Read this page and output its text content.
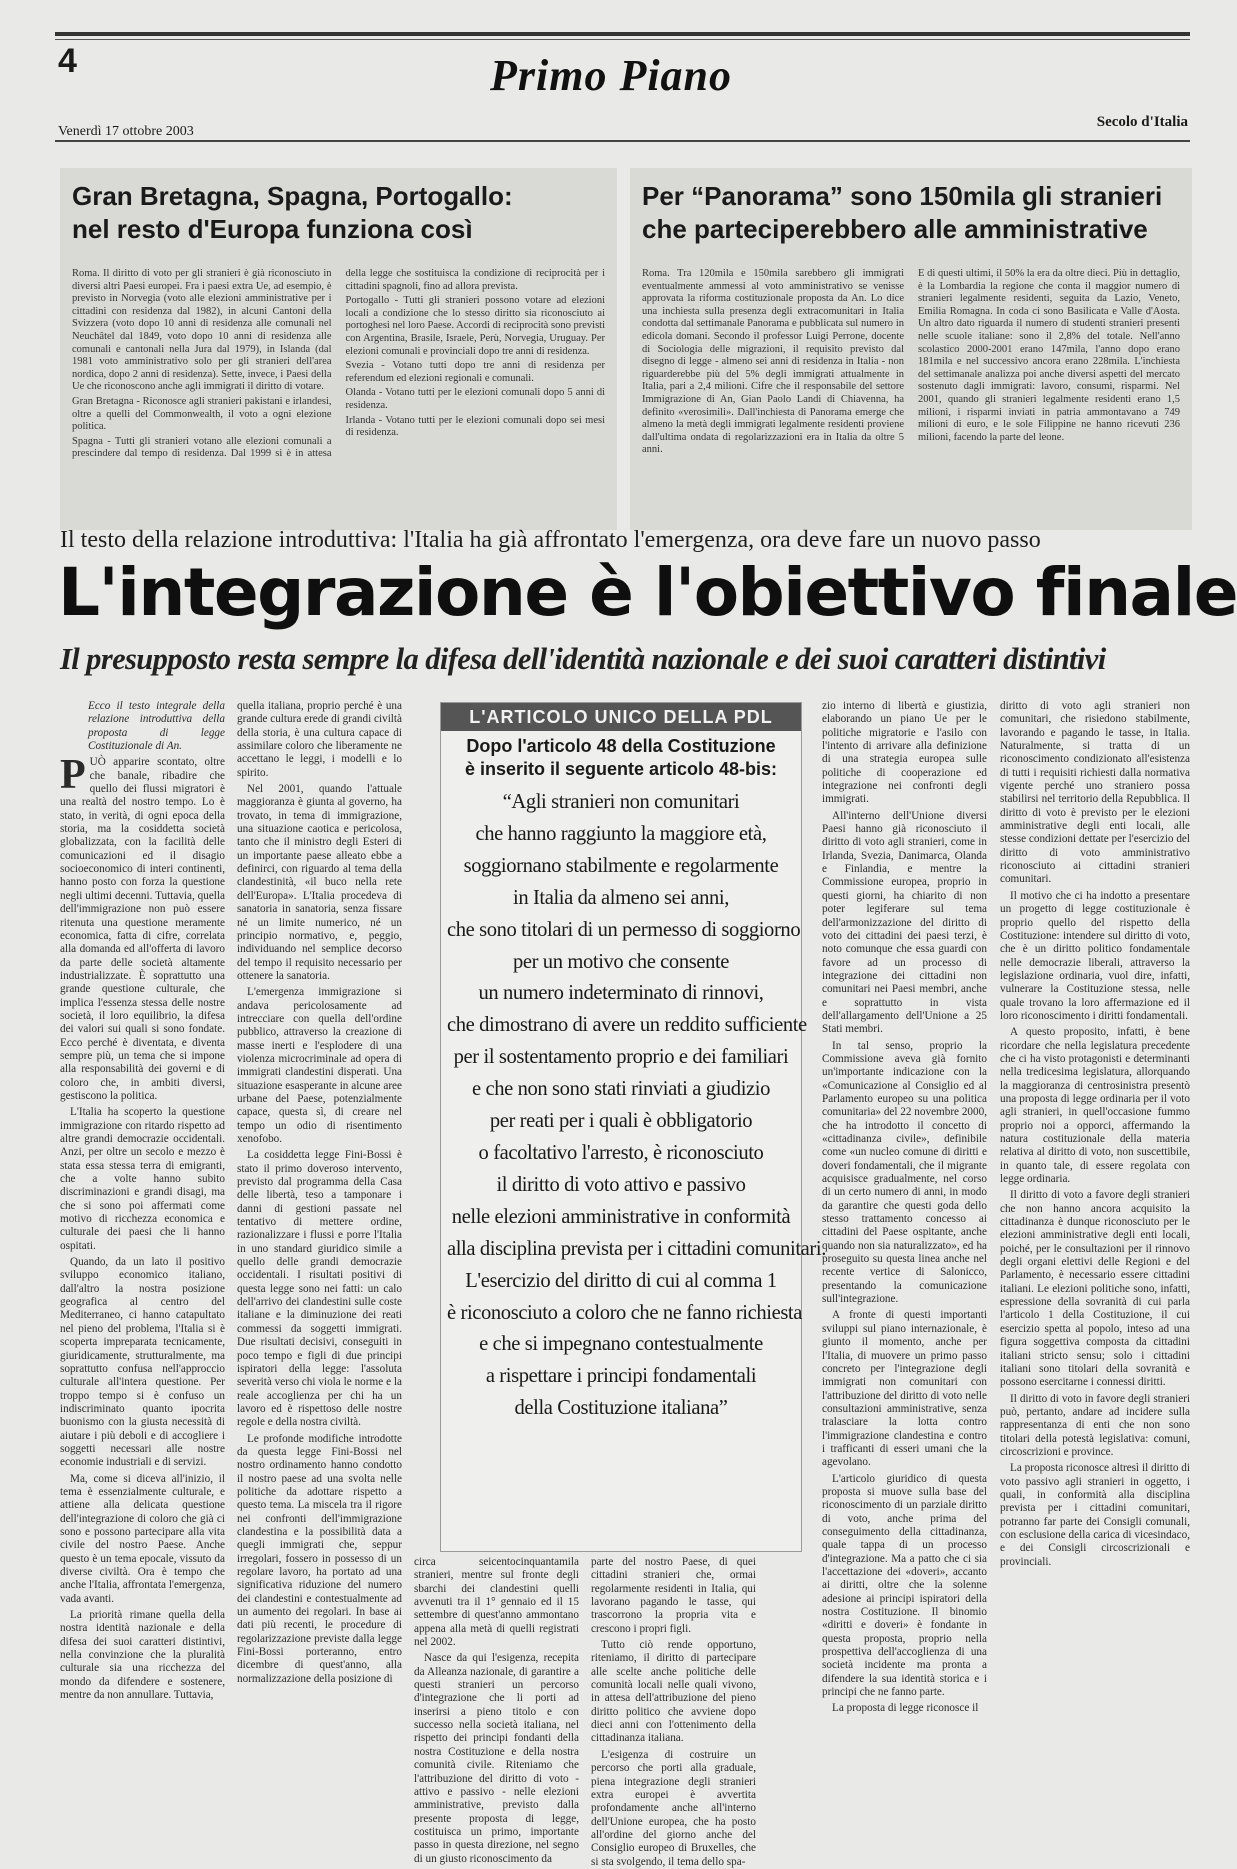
4	Primo Piano
Venerdì 17 ottobre 2003
Secolo d'Italia
Gran Bretagna, Spagna, Portogallo:
nel resto d'Europa funziona così

Roma. Il diritto di voto per gli stranieri è già riconosciuto in diversi altri Paesi europei. Fra i paesi extra Ue, ad esempio, è previsto in Norvegia (voto alle elezioni amministrative per i cittadini con residenza dal 1982), in alcuni Cantoni della Svizzera (voto dopo 10 anni di residenza alle comunali nel Neuchâtel dal 1849, voto dopo 10 anni di residenza alle comunali e cantonali nella Jura dal 1979), in Islanda (dal 1981 voto amministrativo solo per gli stranieri dell'area nordica, dopo 2 anni di residenza). Sette, invece, i Paesi della Ue che riconoscono anche agli immigrati il diritto di votare.

Gran Bretagna - Riconosce agli stranieri pakistani e irlandesi, oltre a quelli del Commonwealth, il voto a ogni elezione politica.

Spagna - Tutti gli stranieri votano alle elezioni comunali a prescindere dal tempo di residenza. Dal 1999 si è in attesa della legge che sostituisca la condizione di reciprocità per i cittadini spagnoli, fino ad allora prevista.

Portogallo - Tutti gli stranieri possono votare ad elezioni locali a condizione che lo stesso diritto sia riconosciuto ai portoghesi nel loro Paese. Accordi di reciprocità sono previsti con Argentina, Brasile, Israele, Perù, Norvegia, Uruguay. Per elezioni comunali e provinciali dopo tre anni di residenza.

Svezia - Votano tutti dopo tre anni di residenza per referendum ed elezioni regionali e comunali.

Olanda - Votano tutti per le elezioni comunali dopo 5 anni di residenza.

Irlanda - Votano tutti per le elezioni comunali dopo sei mesi di residenza.

Per “Panorama” sono 150mila gli stranieri
che parteciperebbero alle amministrative

Roma. Tra 120mila e 150mila sarebbero gli immigrati eventualmente ammessi al voto amministrativo se venisse approvata la riforma costituzionale proposta da An. Lo dice una inchiesta sulla presenza degli extracomunitari in Italia condotta dal settimanale Panorama e pubblicata sul numero in edicola domani. Secondo il professor Luigi Perrone, docente di Sociologia delle migrazioni, il requisito previsto dal disegno di legge - almeno sei anni di residenza in Italia - non riguarderebbe più del 5% degli immigrati attualmente in Italia, pari a 2,4 milioni. Cifre che il responsabile del settore Immigrazione di An, Gian Paolo Landi di Chiavenna, ha definito «verosimili». Dall'inchiesta di Panorama emerge che almeno la metà degli immigrati legalmente residenti proviene dall'ultima ondata di regolarizzazioni era in Italia da oltre 5 anni.

E di questi ultimi, il 50% la era da oltre dieci. Più in dettaglio, è la Lombardia la regione che conta il maggior numero di stranieri legalmente residenti, seguita da Lazio, Veneto, Emilia Romagna. In coda ci sono Basilicata e Valle d'Aosta. Un altro dato riguarda il numero di studenti stranieri presenti nelle scuole italiane: sono il 2,8% del totale. Nell'anno scolastico 2000-2001 erano 147mila, l'anno dopo erano 181mila e nel successivo ancora erano 228mila. L'inchiesta del settimanale analizza poi anche diversi aspetti del mercato sostenuto dagli immigrati: lavoro, consumi, risparmi. Nel 2001, quando gli stranieri legalmente residenti erano 1,5 milioni, i risparmi inviati in patria ammontavano a 749 milioni di euro, e le sole Filippine ne hanno ricevuti 236 milioni, facendo la parte del leone.

Il testo della relazione introduttiva: l'Italia ha già affrontato l'emergenza, ora deve fare un nuovo passo
L'integrazione è l'obiettivo finale
Il presupposto resta sempre la difesa dell'identità nazionale e dei suoi caratteri distintivi

Ecco il testo integrale della relazione introduttiva della proposta di legge Costituzionale di An.

PUÒ apparire scontato, oltre che banale, ribadire che quello dei flussi migratori è una realtà del nostro tempo. Lo è stato, in verità, di ogni epoca della storia, ma la cosiddetta società globalizzata, con la facilità delle comunicazioni ed il disagio socioeconomico di interi continenti, hanno posto con forza la questione negli ultimi decenni. Tuttavia, quella dell'immigrazione non può essere ritenuta una questione meramente economica, fatta di cifre, correlata alla domanda ed all'offerta di lavoro da parte delle società altamente industrializzate. È soprattutto una grande questione culturale, che implica l'essenza stessa delle nostre società, il loro equilibrio, la difesa dei valori sui quali si sono fondate. Ecco perché è diventata, e diventa sempre più, un tema che si impone alla responsabilità dei governi e di coloro che, in ambiti diversi, gestiscono la politica.

L'Italia ha scoperto la questione immigrazione con ritardo rispetto ad altre grandi democrazie occidentali. Anzi, per oltre un secolo e mezzo è stata essa stessa terra di emigranti, che a volte hanno subito discriminazioni e grandi disagi, ma che si sono poi affermati come motivo di ricchezza economica e culturale dei paesi che li hanno ospitati.

Quando, da un lato il positivo sviluppo economico italiano, dall'altro la nostra posizione geografica al centro del Mediterraneo, ci hanno catapultato nel pieno del problema, l'Italia si è scoperta impreparata tecnicamente, giuridicamente, strutturalmente, ma soprattutto confusa nell'approccio culturale all'intera questione. Per troppo tempo si è confuso un indiscriminato quanto ipocrita buonismo con la giusta necessità di aiutare i più deboli e di accogliere i soggetti necessari alle nostre economie industriali e di servizi.

Ma, come si diceva all'inizio, il tema è essenzialmente culturale, e attiene alla delicata questione dell'integrazione di coloro che già ci sono e possono partecipare alla vita civile del nostro Paese. Anche questo è un tema epocale, vissuto da diverse civiltà. Ora è tempo che anche l'Italia, affrontata l'emergenza, vada avanti.

La priorità rimane quella della nostra identità nazionale e della difesa dei suoi caratteri distintivi, nella convinzione che la pluralità culturale sia una ricchezza del mondo da difendere e sostenere, mentre da non annullare. Tuttavia,

quella italiana, proprio perché è una grande cultura erede di grandi civiltà della storia, è una cultura capace di assimilare coloro che liberamente ne accettano le leggi, i modelli e lo spirito.

Nel 2001, quando l'attuale maggioranza è giunta al governo, ha trovato, in tema di immigrazione, una situazione caotica e pericolosa, tanto che il ministro degli Esteri di un importante paese alleato ebbe a definirci, con riguardo al tema della clandestinità, «il buco nella rete dell'Europa». L'Italia procedeva di sanatoria in sanatoria, senza fissare né un limite numerico, né un principio normativo, e, peggio, individuando nel semplice decorso del tempo il requisito necessario per ottenere la sanatoria.

L'emergenza immigrazione si andava pericolosamente ad intrecciare con quella dell'ordine pubblico, attraverso la creazione di masse inerti e l'esplodere di una violenza microcriminale ad opera di immigrati clandestini disperati. Una situazione esasperante in alcune aree urbane del Paese, potenzialmente capace, questa sì, di creare nel tempo un odio di risentimento xenofobo.

La cosiddetta legge Fini-Bossi è stato il primo doveroso intervento, previsto dal programma della Casa delle libertà, teso a tamponare i danni di gestioni passate nel tentativo di mettere ordine, razionalizzare i flussi e porre l'Italia in uno standard giuridico simile a quello delle grandi democrazie occidentali. I risultati positivi di questa legge sono nei fatti: un calo dell'arrivo dei clandestini sulle coste italiane e la diminuzione dei reati commessi da soggetti immigrati. Due risultati decisivi, conseguiti in poco tempo e figli di due principi ispiratori della legge: l'assoluta severità verso chi viola le norme e la reale accoglienza per chi ha un lavoro ed è rispettoso delle nostre regole e della nostra civiltà.

Le profonde modifiche introdotte da questa legge Fini-Bossi nel nostro ordinamento hanno condotto il nostro paese ad una svolta nelle politiche da adottare rispetto a questo tema. La miscela tra il rigore nei confronti dell'immigrazione clandestina e la possibilità data a quegli immigrati che, seppur irregolari, fossero in possesso di un regolare lavoro, ha portato ad una significativa riduzione del numero dei clandestini e contestualmente ad un aumento dei regolari. In base ai dati più recenti, le procedure di regolarizzazione previste dalla legge Fini-Bossi porteranno, entro dicembre di quest'anno, alla normalizzazione della posizione di

L'ARTICOLO UNICO DELLA PDL
Dopo l'articolo 48 della Costituzione
è inserito il seguente articolo 48-bis:
“Agli stranieri non comunitari
che hanno raggiunto la maggiore età,
soggiornano stabilmente e regolarmente
in Italia da almeno sei anni,
che sono titolari di un permesso di soggiorno
per un motivo che consente
un numero indeterminato di rinnovi,
che dimostrano di avere un reddito sufficiente
per il sostentamento proprio e dei familiari
e che non sono stati rinviati a giudizio
per reati per i quali è obbligatorio
o facoltativo l'arresto, è riconosciuto
il diritto di voto attivo e passivo
nelle elezioni amministrative in conformità
alla disciplina prevista per i cittadini comunitari.
L'esercizio del diritto di cui al comma 1
è riconosciuto a coloro che ne fanno richiesta
e che si impegnano contestualmente
a rispettare i principi fondamentali
della Costituzione italiana”

circa seicentocinquantamila stranieri, mentre sul fronte degli sbarchi dei clandestini quelli avvenuti tra il 1° gennaio ed il 15 settembre di quest'anno ammontano appena alla metà di quelli registrati nel 2002.

Nasce da qui l'esigenza, recepita da Alleanza nazionale, di garantire a questi stranieri un percorso d'integrazione che li porti ad inserirsi a pieno titolo e con successo nella società italiana, nel rispetto dei principi fondanti della nostra Costituzione e della nostra comunità civile. Riteniamo che l'attribuzione del diritto di voto - attivo e passivo - nelle elezioni amministrative, previsto dalla presente proposta di legge, costituisca un primo, importante passo in questa direzione, nel segno di un giusto riconoscimento da

parte del nostro Paese, di quei cittadini stranieri che, ormai regolarmente residenti in Italia, qui lavorano pagando le tasse, qui trascorrono la propria vita e crescono i propri figli.

Tutto ciò rende opportuno, riteniamo, il diritto di partecipare alle scelte anche politiche delle comunità locali nelle quali vivono, in attesa dell'attribuzione del pieno diritto politico che avviene dopo dieci anni con l'ottenimento della cittadinanza italiana.

L'esigenza di costruire un percorso che porti alla graduale, piena integrazione degli stranieri extra europei è avvertita profondamente anche all'interno dell'Unione europea, che ha posto all'ordine del giorno anche del Consiglio europeo di Bruxelles, che si sta svolgendo, il tema dello spa-

zio interno di libertà e giustizia, elaborando un piano Ue per le politiche migratorie e l'asilo con l'intento di arrivare alla definizione di una strategia europea sulle politiche di cooperazione ed integrazione nei confronti degli immigrati.

All'interno dell'Unione diversi Paesi hanno già riconosciuto il diritto di voto agli stranieri, come in Irlanda, Svezia, Danimarca, Olanda e Finlandia, e mentre la Commissione europea, proprio in questi giorni, ha chiarito di non poter legiferare sul tema dell'armonizzazione del diritto di voto dei cittadini dei paesi terzi, è noto comunque che essa guardi con favore ad un processo di integrazione dei cittadini non comunitari nei Paesi membri, anche e soprattutto in vista dell'allargamento dell'Unione a 25 Stati membri.

In tal senso, proprio la Commissione aveva già fornito un'importante indicazione con la «Comunicazione al Consiglio ed al Parlamento europeo su una politica comunitaria» del 22 novembre 2000, che ha introdotto il concetto di «cittadinanza civile», definibile come «un nucleo comune di diritti e doveri fondamentali, che il migrante acquisisce gradualmente, nel corso di un certo numero di anni, in modo da garantire che questi goda dello stesso trattamento concesso ai cittadini del Paese ospitante, anche quando non sia naturalizzato», ed ha proseguito su questa linea anche nel recente vertice di Salonicco, presentando la comunicazione sull'integrazione.

A fronte di questi importanti sviluppi sul piano internazionale, è giunto il momento, anche per l'Italia, di muovere un primo passo concreto per l'integrazione degli immigrati non comunitari con l'attribuzione del diritto di voto nelle consultazioni amministrative, senza tralasciare la lotta contro l'immigrazione clandestina e contro i trafficanti di esseri umani che la agevolano.

L'articolo giuridico di questa proposta si muove sulla base del riconoscimento di un parziale diritto di voto, anche prima del conseguimento della cittadinanza, quale tappa di un processo d'integrazione. Ma a patto che ci sia l'accettazione dei «doveri», accanto ai diritti, oltre che la solenne adesione ai principi ispiratori della nostra Costituzione. Il binomio «diritti e doveri» è fondante in questa proposta, proprio nella prospettiva dell'accoglienza di una società incidente ma pronta a difendere la sua identità storica e i principi che ne fanno parte.

La proposta di legge riconosce il

diritto di voto agli stranieri non comunitari, che risiedono stabilmente, lavorando e pagando le tasse, in Italia. Naturalmente, si tratta di un riconoscimento condizionato all'esistenza di tutti i requisiti richiesti dalla normativa vigente perché uno straniero possa stabilirsi nel territorio della Repubblica. Il diritto di voto è previsto per le elezioni amministrative degli enti locali, alle stesse condizioni dettate per l'esercizio del diritto di voto amministrativo riconosciuto ai cittadini stranieri comunitari.

Il motivo che ci ha indotto a presentare un progetto di legge costituzionale è proprio quello del rispetto della Costituzione: intendere sul diritto di voto, che è un diritto politico fondamentale nelle democrazie liberali, attraverso la legislazione ordinaria, vuol dire, infatti, vulnerare la Costituzione stessa, nelle quale trovano la loro affermazione ed il loro riconoscimento i diritti fondamentali.

A questo proposito, infatti, è bene ricordare che nella legislatura precedente che ci ha visto protagonisti e determinanti nella tredicesima legislatura, allorquando la maggioranza di centrosinistra presentò una proposta di legge ordinaria per il voto agli stranieri, in quell'occasione fummo proprio noi a opporci, affermando la natura costituzionale della materia relativa al diritto di voto, non suscettibile, in quanto tale, di essere regolata con legge ordinaria.

Il diritto di voto a favore degli stranieri che non hanno ancora acquisito la cittadinanza è dunque riconosciuto per le elezioni amministrative degli enti locali, poiché, per le consultazioni per il rinnovo degli organi elettivi delle Regioni e del Parlamento, è necessario essere cittadini italiani. Le elezioni politiche sono, infatti, espressione della sovranità di cui parla l'articolo 1 della Costituzione, il cui esercizio spetta al popolo, inteso ad una figura soggettiva composta da cittadini italiani stricto sensu; solo i cittadini italiani sono titolari della sovranità e possono esercitarne i connessi diritti.

Il diritto di voto in favore degli stranieri può, pertanto, andare ad incidere sulla rappresentanza di enti che non sono titolari della potestà legislativa: comuni, circoscrizioni e province.

La proposta riconosce altresì il diritto di voto passivo agli stranieri in oggetto, i quali, in conformità alla disciplina prevista per i cittadini comunitari, potranno far parte dei Consigli comunali, con esclusione della carica di vicesindaco, e dei Consigli circoscrizionali e provinciali.
